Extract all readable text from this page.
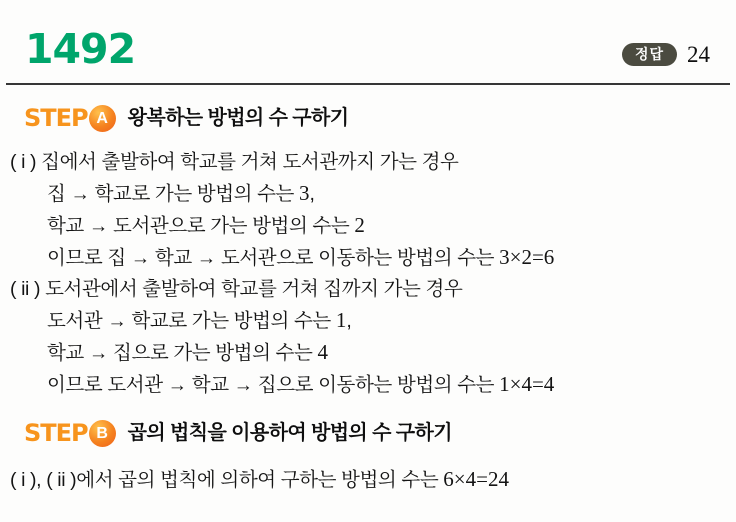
1492	정답	24
STEP A 왕복하는 방법의 수 구하기

( i ) 집에서 출발하여 학교를 거쳐 도서관까지 가는 경우

집 → 학교로 가는 방법의 수는 3,

학교 → 도서관으로 가는 방법의 수는 2

이므로 집 → 학교 → 도서관으로 이동하는 방법의 수는 3×2=6

( ii ) 도서관에서 출발하여 학교를 거쳐 집까지 가는 경우

도서관 → 학교로 가는 방법의 수는 1,

학교 → 집으로 가는 방법의 수는 4

이므로 도서관 → 학교 → 집으로 이동하는 방법의 수는 1×4=4

STEP B 곱의 법칙을 이용하여 방법의 수 구하기

( i ), ( ii )에서 곱의 법칙에 의하여 구하는 방법의 수는 6×4=24
